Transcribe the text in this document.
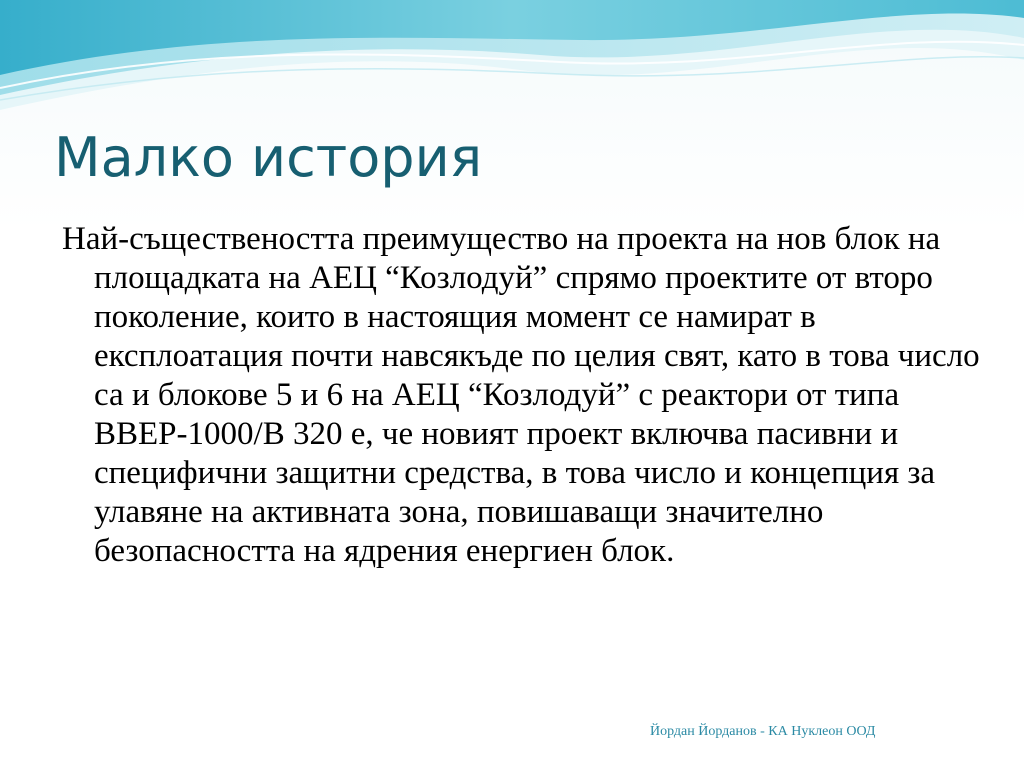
Малко история

Най-съществеността преимущество на проекта на нов блок на площадката на АЕЦ “Козлодуй” спрямо проектите от второ поколение, които в настоящия момент се намират в експлоатация почти навсякъде по целия свят, като в това число са и блокове 5 и 6 на АЕЦ “Козлодуй” с реактори от типа ВВЕР-1000/В 320 е, че новият проект включва пасивни и специфични защитни средства, в това число и концепция за улавяне на активната зона, повишаващи значително безопасността на ядрения енергиен блок.

Йордан Йорданов - КА Нуклеон ООД
